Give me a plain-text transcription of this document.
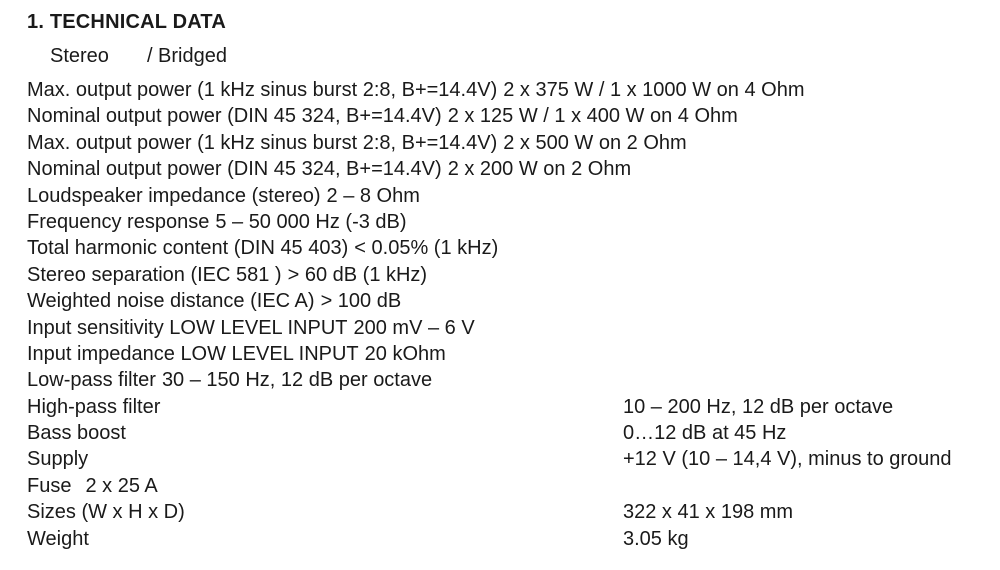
1. TECHNICAL DATA
Stereo / Bridged
Max. output power (1 kHz sinus burst 2:8, B+=14.4V) 2 x 375 W / 1 x 1000 W on 4 Ohm
Nominal output power (DIN 45 324, B+=14.4V) 2 x 125 W / 1 x 400 W on 4 Ohm
Max. output power (1 kHz sinus burst 2:8, B+=14.4V) 2 x 500 W on 2 Ohm
Nominal output power (DIN 45 324, B+=14.4V) 2 x 200 W on 2 Ohm
Loudspeaker impedance (stereo) 2 – 8 Ohm
Frequency response 5 – 50 000 Hz (-3 dB)
Total harmonic content (DIN 45 403) < 0.05% (1 kHz)
Stereo separation (IEC 581 ) > 60 dB (1 kHz)
Weighted noise distance (IEC A) > 100 dB
Input sensitivity LOW LEVEL INPUT 200 mV – 6 V
Input impedance LOW LEVEL INPUT 20 kOhm
Low-pass filter 30 – 150 Hz, 12 dB per octave
High-pass filter	10 – 200 Hz, 12 dB per octave
Bass boost	0…12 dB at 45 Hz
Supply	+12 V (10 – 14,4 V), minus to ground
Fuse 2 x 25 A
Sizes (W x H x D)	322 x 41 x 198 mm
Weight	3.05 kg
